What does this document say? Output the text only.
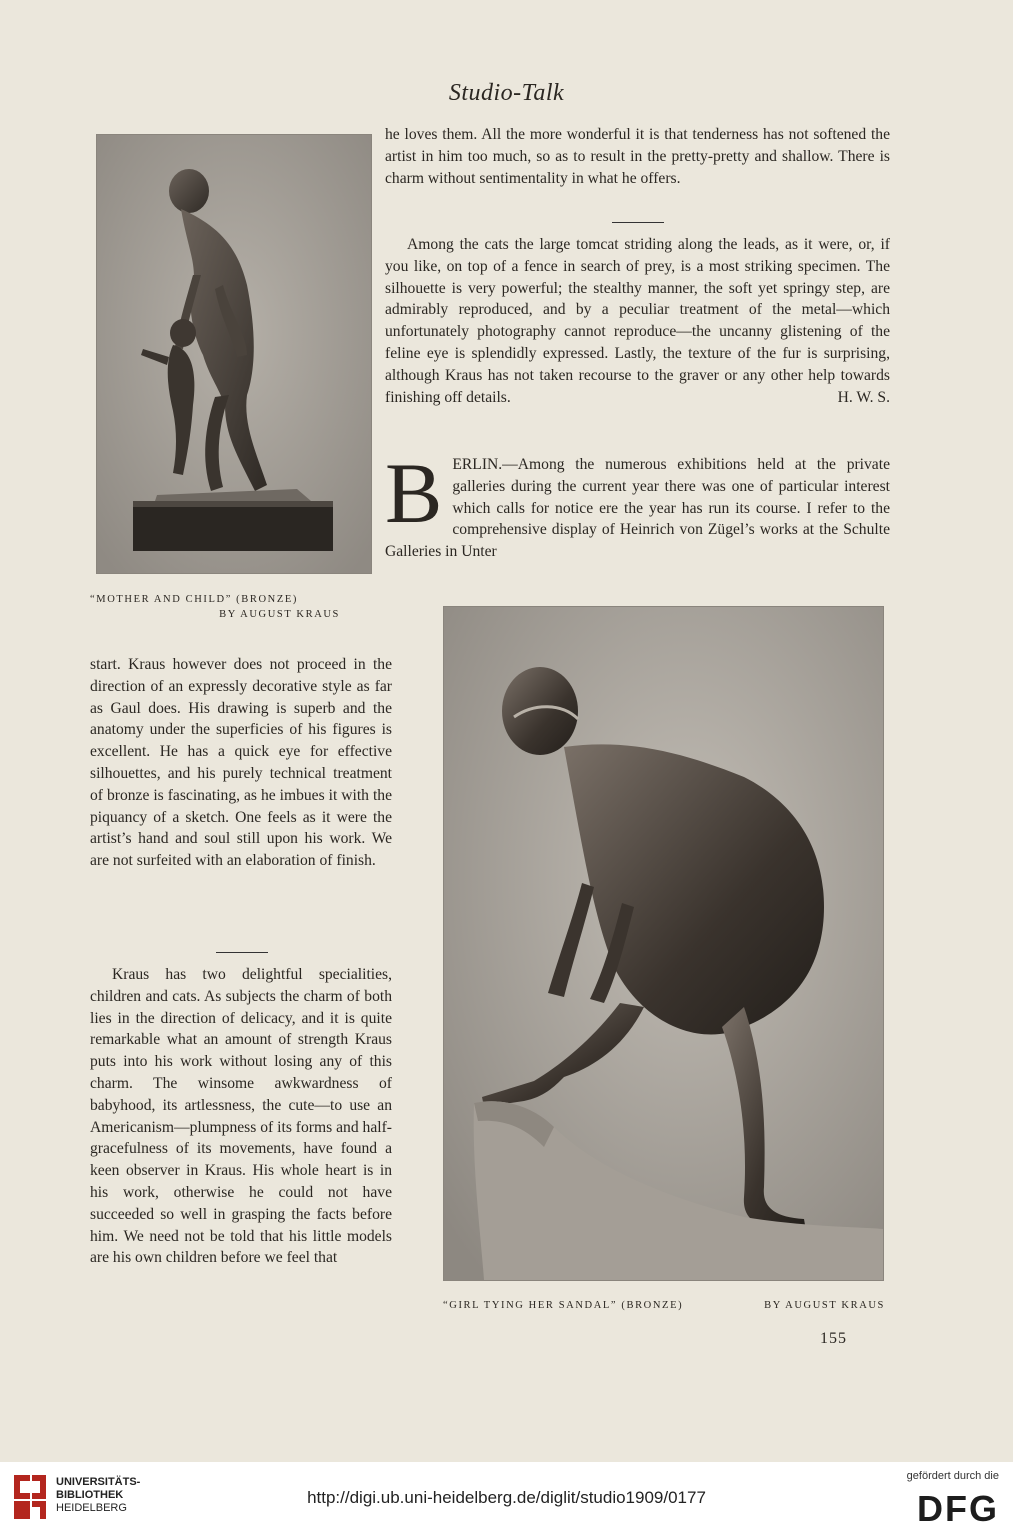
Studio-Talk
“MOTHER AND CHILD” (BRONZE)
BY AUGUST KRAUS

he loves them. All the more wonderful it is that tenderness has not softened the artist in him too much, so as to result in the pretty-pretty and shallow. There is charm without sentimentality in what he offers.

Among the cats the large tomcat striding along the leads, as it were, or, if you like, on top of a fence in search of prey, is a most striking specimen. The silhouette is very powerful; the stealthy manner, the soft yet springy step, are admirably reproduced, and by a peculiar treatment of the metal—which unfortunately photography cannot reproduce—the uncanny glistening of the feline eye is splendidly expressed. Lastly, the texture of the fur is surprising, although Kraus has not taken recourse to the graver or any other help towards finishing off details.	H. W. S.

BERLIN.—Among the numerous exhibitions held at the private galleries during the current year there was one of particular interest which calls for notice ere the year has run its course. I refer to the comprehensive display of Heinrich von Zügel’s works at the Schulte Galleries in Unter

“GIRL TYING HER SANDAL” (BRONZE)	BY AUGUST KRAUS

start. Kraus however does not proceed in the direction of an expressly decorative style as far as Gaul does. His drawing is superb and the anatomy under the superficies of his figures is excellent. He has a quick eye for effective silhouettes, and his purely technical treatment of bronze is fascinating, as he imbues it with the piquancy of a sketch. One feels as it were the artist’s hand and soul still upon his work. We are not surfeited with an elaboration of finish.

Kraus has two delightful specialities, children and cats. As subjects the charm of both lies in the direction of delicacy, and it is quite remarkable what an amount of strength Kraus puts into his work without losing any of this charm. The winsome awkwardness of babyhood, its artlessness, the cute—to use an Americanism—plumpness of its forms and half-gracefulness of its movements, have found a keen observer in Kraus. His whole heart is in his work, otherwise he could not have succeeded so well in grasping the facts before him. We need not be told that his little models are his own children before we feel that

155
UNIVERSITÄTS-
BIBLIOTHEK
HEIDELBERG
http://digi.ub.uni-heidelberg.de/diglit/studio1909/0177
gefördert durch die
DFG
